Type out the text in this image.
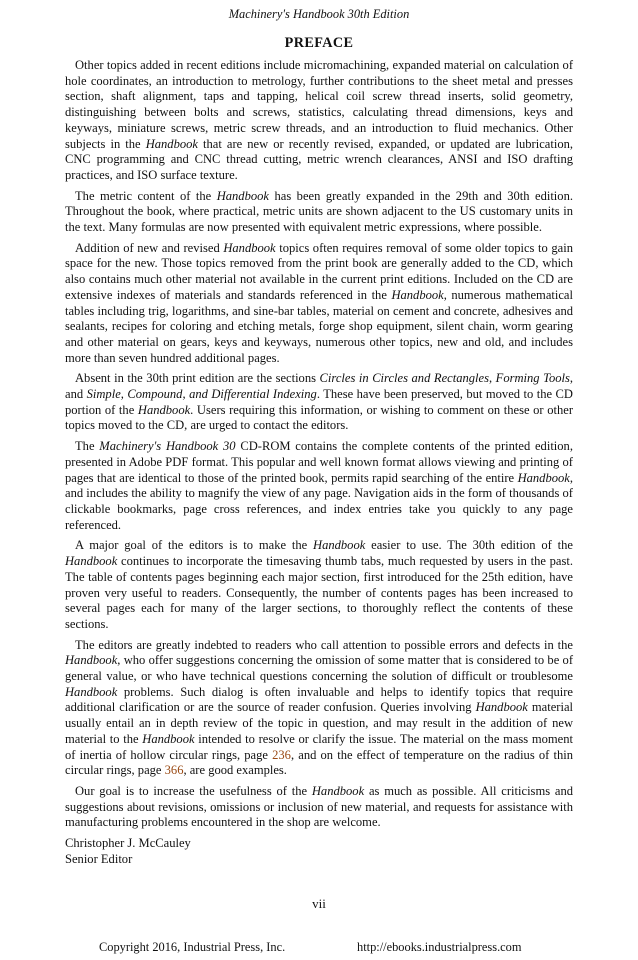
Machinery's Handbook 30th Edition
PREFACE

Other topics added in recent editions include micromachining, expanded material on calculation of hole coordinates, an introduction to metrology, further contributions to the sheet metal and presses section, shaft alignment, taps and tapping, helical coil screw thread inserts, solid geometry, distinguishing between bolts and screws, statistics, calculating thread dimensions, keys and keyways, miniature screws, metric screw threads, and an introduction to fluid mechanics. Other subjects in the Handbook that are new or recently revised, expanded, or updated are lubrication, CNC programming and CNC thread cutting, metric wrench clearances, ANSI and ISO drafting practices, and ISO surface texture.

The metric content of the Handbook has been greatly expanded in the 29th and 30th edition. Throughout the book, where practical, metric units are shown adjacent to the US customary units in the text. Many formulas are now presented with equivalent metric expressions, where possible.

Addition of new and revised Handbook topics often requires removal of some older topics to gain space for the new. Those topics removed from the print book are generally added to the CD, which also contains much other material not available in the current print editions. Included on the CD are extensive indexes of materials and standards referenced in the Handbook, numerous mathematical tables including trig, logarithms, and sine-bar tables, material on cement and concrete, adhesives and sealants, recipes for coloring and etching metals, forge shop equipment, silent chain, worm gearing and other material on gears, keys and keyways, numerous other topics, new and old, and includes more than seven hundred additional pages.

Absent in the 30th print edition are the sections Circles in Circles and Rectangles, Forming Tools, and Simple, Compound, and Differential Indexing. These have been preserved, but moved to the CD portion of the Handbook. Users requiring this information, or wishing to comment on these or other topics moved to the CD, are urged to contact the editors.

The Machinery's Handbook 30 CD-ROM contains the complete contents of the printed edition, presented in Adobe PDF format. This popular and well known format allows viewing and printing of pages that are identical to those of the printed book, permits rapid searching of the entire Handbook, and includes the ability to magnify the view of any page. Navigation aids in the form of thousands of clickable bookmarks, page cross references, and index entries take you quickly to any page referenced.

A major goal of the editors is to make the Handbook easier to use. The 30th edition of the Handbook continues to incorporate the timesaving thumb tabs, much requested by users in the past. The table of contents pages beginning each major section, first introduced for the 25th edition, have proven very useful to readers. Consequently, the number of contents pages has been increased to several pages each for many of the larger sections, to thoroughly reflect the contents of these sections.

The editors are greatly indebted to readers who call attention to possible errors and defects in the Handbook, who offer suggestions concerning the omission of some matter that is considered to be of general value, or who have technical questions concerning the solution of difficult or troublesome Handbook problems. Such dialog is often invaluable and helps to identify topics that require additional clarification or are the source of reader confusion. Queries involving Handbook material usually entail an in depth review of the topic in question, and may result in the addition of new material to the Handbook intended to resolve or clarify the issue. The material on the mass moment of inertia of hollow circular rings, page 236, and on the effect of temperature on the radius of thin circular rings, page 366, are good examples.

Our goal is to increase the usefulness of the Handbook as much as possible. All criticisms and suggestions about revisions, omissions or inclusion of new material, and requests for assistance with manufacturing problems encountered in the shop are welcome.

Christopher J. McCauley

Senior Editor

vii
Copyright 2016, Industrial Press, Inc.	http://ebooks.industrialpress.com
